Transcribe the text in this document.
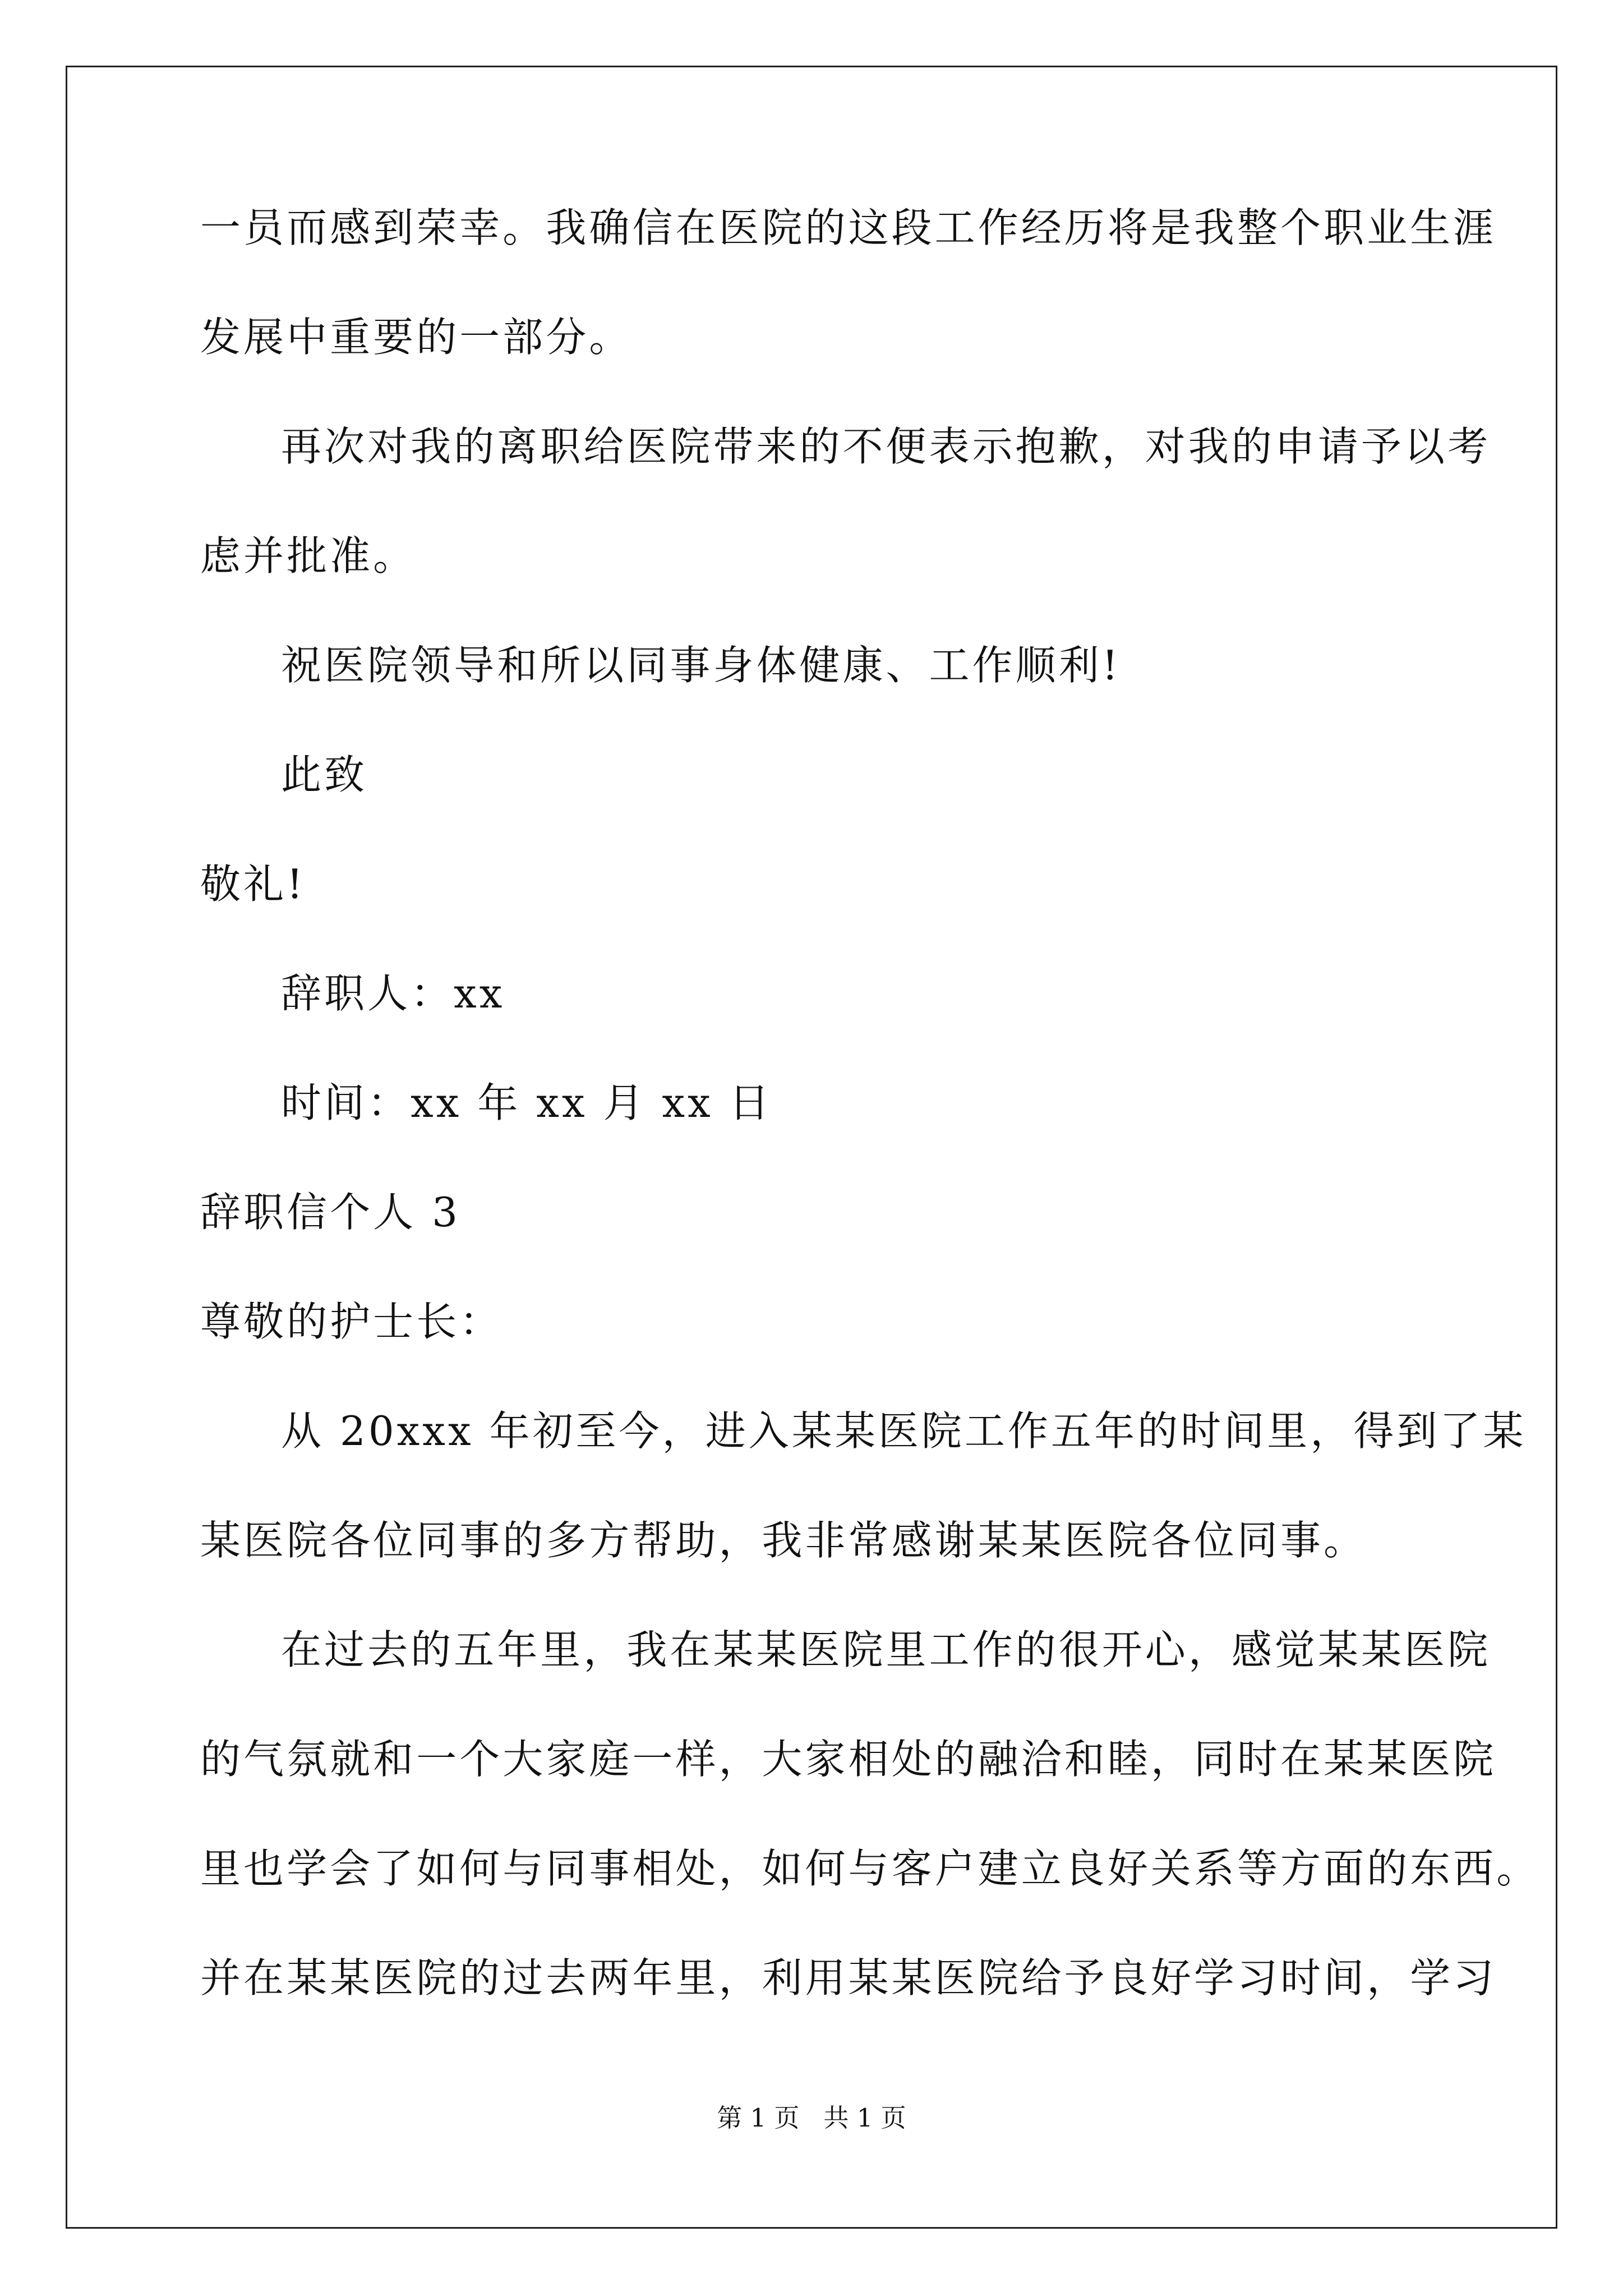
一员而感到荣幸。我确信在医院的这段工作经历将是我整个职业生涯

发展中重要的一部分。

再次对我的离职给医院带来的不便表示抱歉，对我的申请予以考

虑并批准。

祝医院领导和所以同事身体健康、工作顺利!

此致

敬礼!

辞职人：xx

时间：xx 年 xx 月 xx 日

辞职信个人 3

尊敬的护士长：

从 20xxx 年初至今，进入某某医院工作五年的时间里，得到了某

某医院各位同事的多方帮助，我非常感谢某某医院各位同事。

在过去的五年里，我在某某医院里工作的很开心，感觉某某医院

的气氛就和一个大家庭一样，大家相处的融洽和睦，同时在某某医院

里也学会了如何与同事相处，如何与客户建立良好关系等方面的东西。

并在某某医院的过去两年里，利用某某医院给予良好学习时间，学习

第 1 页   共 1 页
